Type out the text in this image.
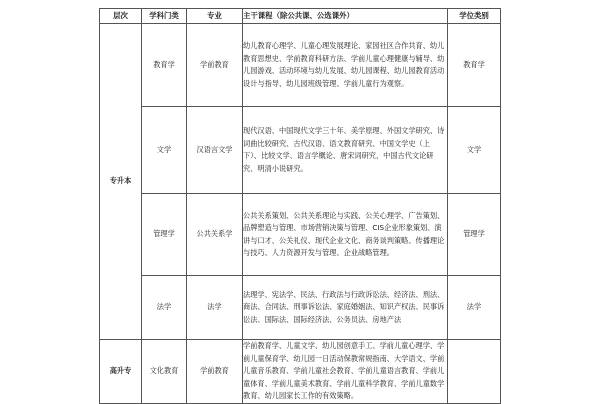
层次	学科门类	专业	主干课程（除公共课、公选课外）	学位类别
专升本	教育学	学前教育	幼儿教育心理学、儿童心理发展理论、家园社区合作共育、幼儿教育思想史、学前教育科研方法、学前儿童心理健康与辅导、幼儿园游戏、活动环境与幼儿发展、幼儿园课程、幼儿园教育活动设计与指导、幼儿园班级管理、学前儿童行为观察。	教育学
	文学	汉语言文学	现代汉语、中国现代文学三十年、美学原理、外国文学研究、诗词曲比较研究、古代汉语、语文教育研究、中国文学史（上下）、比较文学、语言学概论、唐宋词研究、中国古代文论研究、明清小说研究。	文学
	管理学	公共关系学	公共关系策划、公共关系理论与实践、公关心理学、广告策划、品牌塑造与管理、市场营销决策与管理、CIS企业形象策划、演讲与口才、公关礼仪、现代企业文化、商务谈判策略、传播理论与技巧、人力资源开发与管理、企业战略管理。	管理学
	法学	法学	法理学、宪法学、民法、行政法与行政诉讼法、经济法、刑法、商法、合同法、刑事诉讼法、家庭婚姻法、知识产权法、民事诉讼法、国际法、国际经济法、公务员法、房地产法	法学
高升专	文化教育	学前教育	学前教育学、儿童文学、幼儿园创意手工、学前儿童心理学、学前儿童保育学、幼儿园一日活动保教常规指南、大学语文、学前儿童音乐教育、学前儿童社会教育、学前儿童语言教育、学前儿童体育、学前儿童美术教育、学前儿童科学教育、学前儿童数学教育、幼儿园家长工作的有效策略。	
